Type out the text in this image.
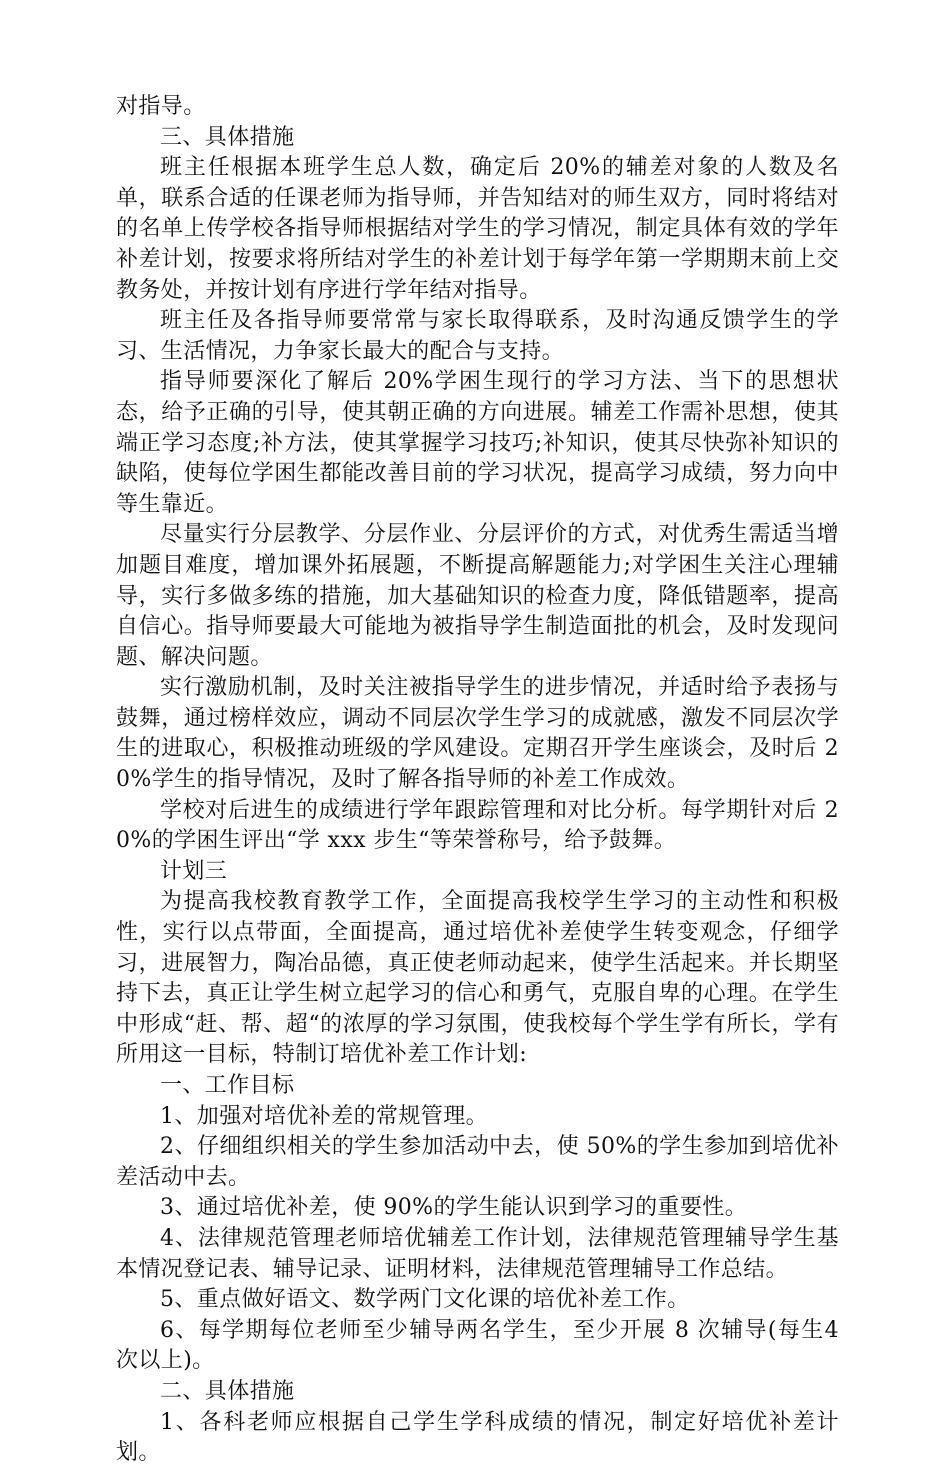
对指导。

三、具体措施

班主任根据本班学生总人数，确定后 20%的辅差对象的人数及名单，联系合适的任课老师为指导师，并告知结对的师生双方，同时将结对的名单上传学校各指导师根据结对学生的学习情况，制定具体有效的学年补差计划，按要求将所结对学生的补差计划于每学年第一学期期末前上交教务处，并按计划有序进行学年结对指导。

班主任及各指导师要常常与家长取得联系，及时沟通反馈学生的学习、生活情况，力争家长最大的配合与支持。

指导师要深化了解后 20%学困生现行的学习方法、当下的思想状态，给予正确的引导，使其朝正确的方向进展。辅差工作需补思想，使其端正学习态度;补方法，使其掌握学习技巧;补知识，使其尽快弥补知识的缺陷，使每位学困生都能改善目前的学习状况，提高学习成绩，努力向中等生靠近。

尽量实行分层教学、分层作业、分层评价的方式，对优秀生需适当增加题目难度，增加课外拓展题，不断提高解题能力;对学困生关注心理辅导，实行多做多练的措施，加大基础知识的检查力度，降低错题率，提高自信心。指导师要最大可能地为被指导学生制造面批的机会，及时发现问题、解决问题。

实行激励机制，及时关注被指导学生的进步情况，并适时给予表扬与鼓舞，通过榜样效应，调动不同层次学生学习的成就感，激发不同层次学生的进取心，积极推动班级的学风建设。定期召开学生座谈会，及时后 20%学生的指导情况，及时了解各指导师的补差工作成效。

学校对后进生的成绩进行学年跟踪管理和对比分析。每学期针对后 20%的学困生评出“学 xxx 步生“等荣誉称号，给予鼓舞。

计划三

为提高我校教育教学工作，全面提高我校学生学习的主动性和积极性，实行以点带面，全面提高，通过培优补差使学生转变观念，仔细学习，进展智力，陶冶品德，真正使老师动起来，使学生活起来。并长期坚持下去，真正让学生树立起学习的信心和勇气，克服自卑的心理。在学生中形成“赶、帮、超“的浓厚的学习氛围，使我校每个学生学有所长，学有所用这一目标，特制订培优补差工作计划:

一、工作目标

1、加强对培优补差的常规管理。

2、仔细组织相关的学生参加活动中去，使 50%的学生参加到培优补差活动中去。

3、通过培优补差，使 90%的学生能认识到学习的重要性。

4、法律规范管理老师培优辅差工作计划，法律规范管理辅导学生基本情况登记表、辅导记录、证明材料，法律规范管理辅导工作总结。

5、重点做好语文、数学两门文化课的培优补差工作。

6、每学期每位老师至少辅导两名学生，至少开展 8 次辅导(每生4 次以上)。

二、具体措施

1、各科老师应根据自己学生学科成绩的情况，制定好培优补差计划。
